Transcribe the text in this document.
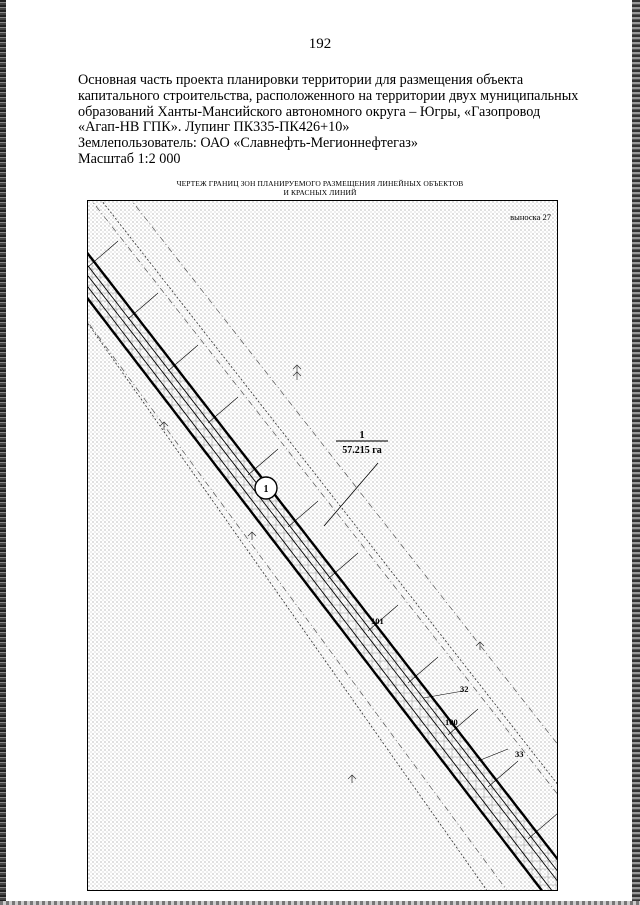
192
Основная часть проекта планировки территории для размещения объекта
капитального строительства, расположенного на территории двух муниципальных
образований Ханты-Мансийского автономного округа – Югры, «Газопровод
«Агап-НВ ГПК». Лупинг ПК335-ПК426+10»
Землепользователь: ОАО «Славнефть-Мегионнефтегаз»
Масштаб 1:2 000
ЧЕРТЕЖ ГРАНИЦ ЗОН ПЛАНИРУЕМОГО РАЗМЕЩЕНИЯ ЛИНЕЙНЫХ ОБЪЕКТОВ
И КРАСНЫХ ЛИНИЙ
1
1
57.215 га
выноска 27
101
32
100
33
